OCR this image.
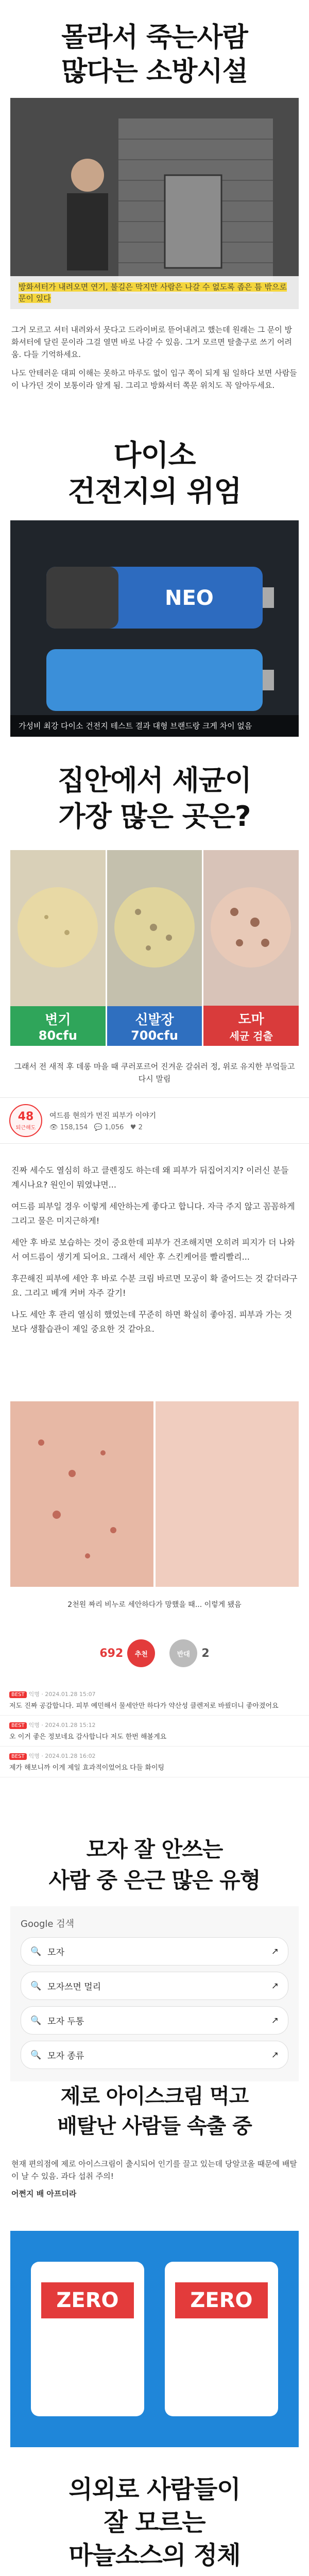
몰라서 죽는사람
많다는 소방시설
방화셔터가 내려오면 연기, 불길은 막지만 사람은 나갈 수 없도록 좁은 틈 밖으로 문이 있다

그거 모르고 셔터 내려와서 뭇다고 드라이버로 뜯어내려고 했는데 원래는 그 문이 방화셔터에 달린 문이라 그걸 열면 바로 나갈 수 있음. 그거 모르면 탈출구로 쓰기 어려움. 다들 기억하세요.

나도 안테러운 대피 이해는 못하고 마루도 없이 입구 쪽이 되게 됨 일하다 보면 사람들이 나가던 것이 보통이라 알게 됨. 그리고 방화셔터 쪽문 위치도 꼭 알아두세요.

다이소
건전지의 위엄
NEO
가성비 최강 다이소 건전지 테스트 결과 대형 브랜드랑 크게 차이 없음
집안에서 세균이
가장 많은 곳은?
변기
80cfu
신발장
700cfu
도마
세균 검출
그래서 전 새적 후 데롱 마을 때 쿠러포르어 진겨운 갈쉬러 정, 위로 유지한 부엌들고 다시 말림
48
퇴근해도
여드름 현의가 먼진 피부가 이야기
👁 158,154 💬 1,056 ♥ 2

진짜 세수도 열심히 하고 클렌징도 하는데 왜 피부가 뒤집어지지? 이러신 분들 계시나요? 원인이 뭐였냐면...

여드름 피부일 경우 이렇게 세안하는게 좋다고 합니다. 자극 주지 않고 꼼꼼하게 그리고 물은 미지근하게!

세안 후 바로 보습하는 것이 중요한데 피부가 건조해지면 오히려 피지가 더 나와서 여드름이 생기게 되어요. 그래서 세안 후 스킨케어를 빨리빨리...

후끈해진 피부에 세안 후 바로 수분 크림 바르면 모공이 확 줄어드는 것 같더라구요. 그리고 베개 커버 자주 갈기!

나도 세안 후 관리 열심히 했었는데 꾸준히 하면 확실히 좋아짐. 피부과 가는 것보다 생활습관이 제일 중요한 것 같아요.

2천원 짜리 비누로 세안하다가 망했을 때... 이렇게 됐음
692 추천	반대 2
BEST 익명 · 2024.01.28 15:07
저도 진짜 공감합니다. 피부 예민해서 물세안만 하다가 약산성 클렌저로 바꿨더니 좋아졌어요
BEST 익명 · 2024.01.28 15:12
오 이거 좋은 정보네요 감사합니다 저도 한번 해볼게요
BEST 익명 · 2024.01.28 16:02
제가 해보니까 이게 제일 효과적이었어요 다들 화이팅
모자 잘 안쓰는
사람 중 은근 많은 유형
Google 검색
🔍 모자	↗
🔍 모자쓰면 멀리	↗
🔍 모자 두통	↗
🔍 모자 종류	↗
제로 아이스크림 먹고
배탈난 사람들 속출 중

현재 편의점에 제로 아이스크림이 출시되어 인기를 끌고 있는데 당알코올 때문에 배탈이 날 수 있음. 과다 섭취 주의!

어쩐지 배 아프더라

ZERO	ZERO
의외로 사람들이
잘 모르는
마늘소스의 정체
